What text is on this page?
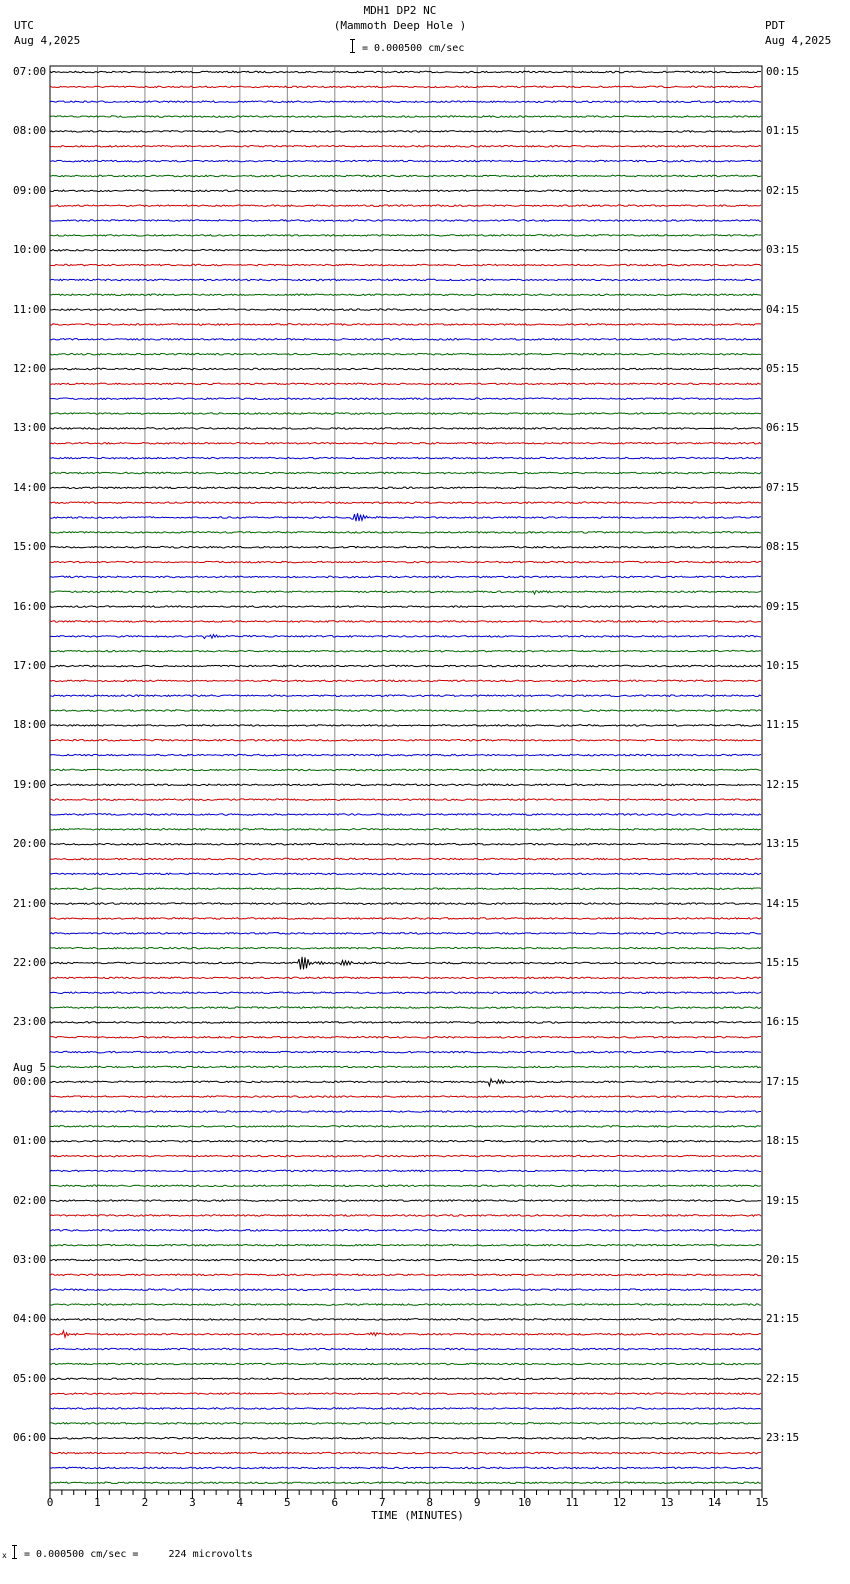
MDH1 DP2 NC
(Mammoth Deep Hole )
= 0.000500 cm/sec
UTC
Aug 4,2025
PDT
Aug 4,2025
07:00
08:00
09:00
10:00
11:00
12:00
13:00
14:00
15:00
16:00
17:00
18:00
19:00
20:00
21:00
22:00
23:00
00:00
Aug 5
01:00
02:00
03:00
04:00
05:00
06:00
00:15
01:15
02:15
03:15
04:15
05:15
06:15
07:15
08:15
09:15
10:15
11:15
12:15
13:15
14:15
15:15
16:15
17:15
18:15
19:15
20:15
21:15
22:15
23:15
0	1	2	3	4	5	6	7	8	9	10	11	12	13	14	15
TIME (MINUTES)
x = 0.000500 cm/sec =     224 microvolts
